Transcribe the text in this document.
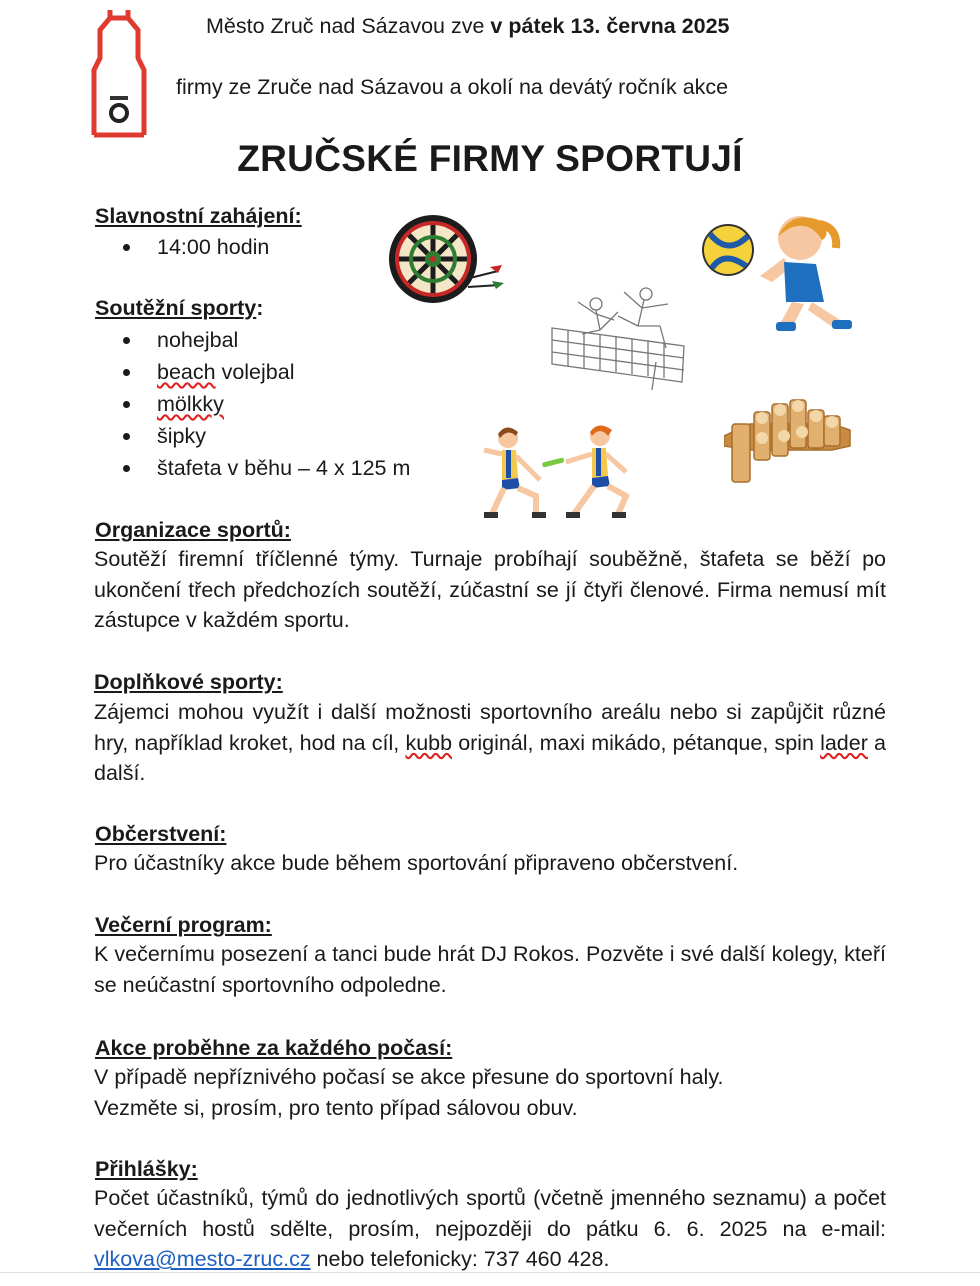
Město Zruč nad Sázavou zve v pátek 13. června 2025
firmy ze Zruče nad Sázavou a okolí na devátý ročník akce
ZRUČSKÉ FIRMY SPORTUJÍ
Slavnostní zahájení:
14:00 hodin
Soutěžní sporty:
nohejbal
beach volejbal
mölkky
šipky
štafeta v běhu – 4 x 125 m
Organizace sportů:
Soutěží firemní tříčlenné týmy. Turnaje probíhají souběžně, štafeta se běží po ukončení třech předchozích soutěží, zúčastní se jí čtyři členové. Firma nemusí mít zástupce v každém sportu.
Doplňkové sporty:
Zájemci mohou využít i další možnosti sportovního areálu nebo si zapůjčit různé hry, například kroket, hod na cíl, kubb originál, maxi mikádo, pétanque, spin lader a další.
Občerstvení:
Pro účastníky akce bude během sportování připraveno občerstvení.
Večerní program:
K večernímu posezení a tanci bude hrát DJ Rokos. Pozvěte i své další kolegy, kteří se neúčastní sportovního odpoledne.
Akce proběhne za každého počasí:
V případě nepříznivého počasí se akce přesune do sportovní haly.
Vezměte si, prosím, pro tento případ sálovou obuv.
Přihlášky:
Počet účastníků, týmů do jednotlivých sportů (včetně jmenného seznamu) a počet večerních hostů sdělte, prosím, nejpozději do pátku 6. 6. 2025 na e-mail: vlkova@mesto-zruc.cz nebo telefonicky: 737 460 428.
